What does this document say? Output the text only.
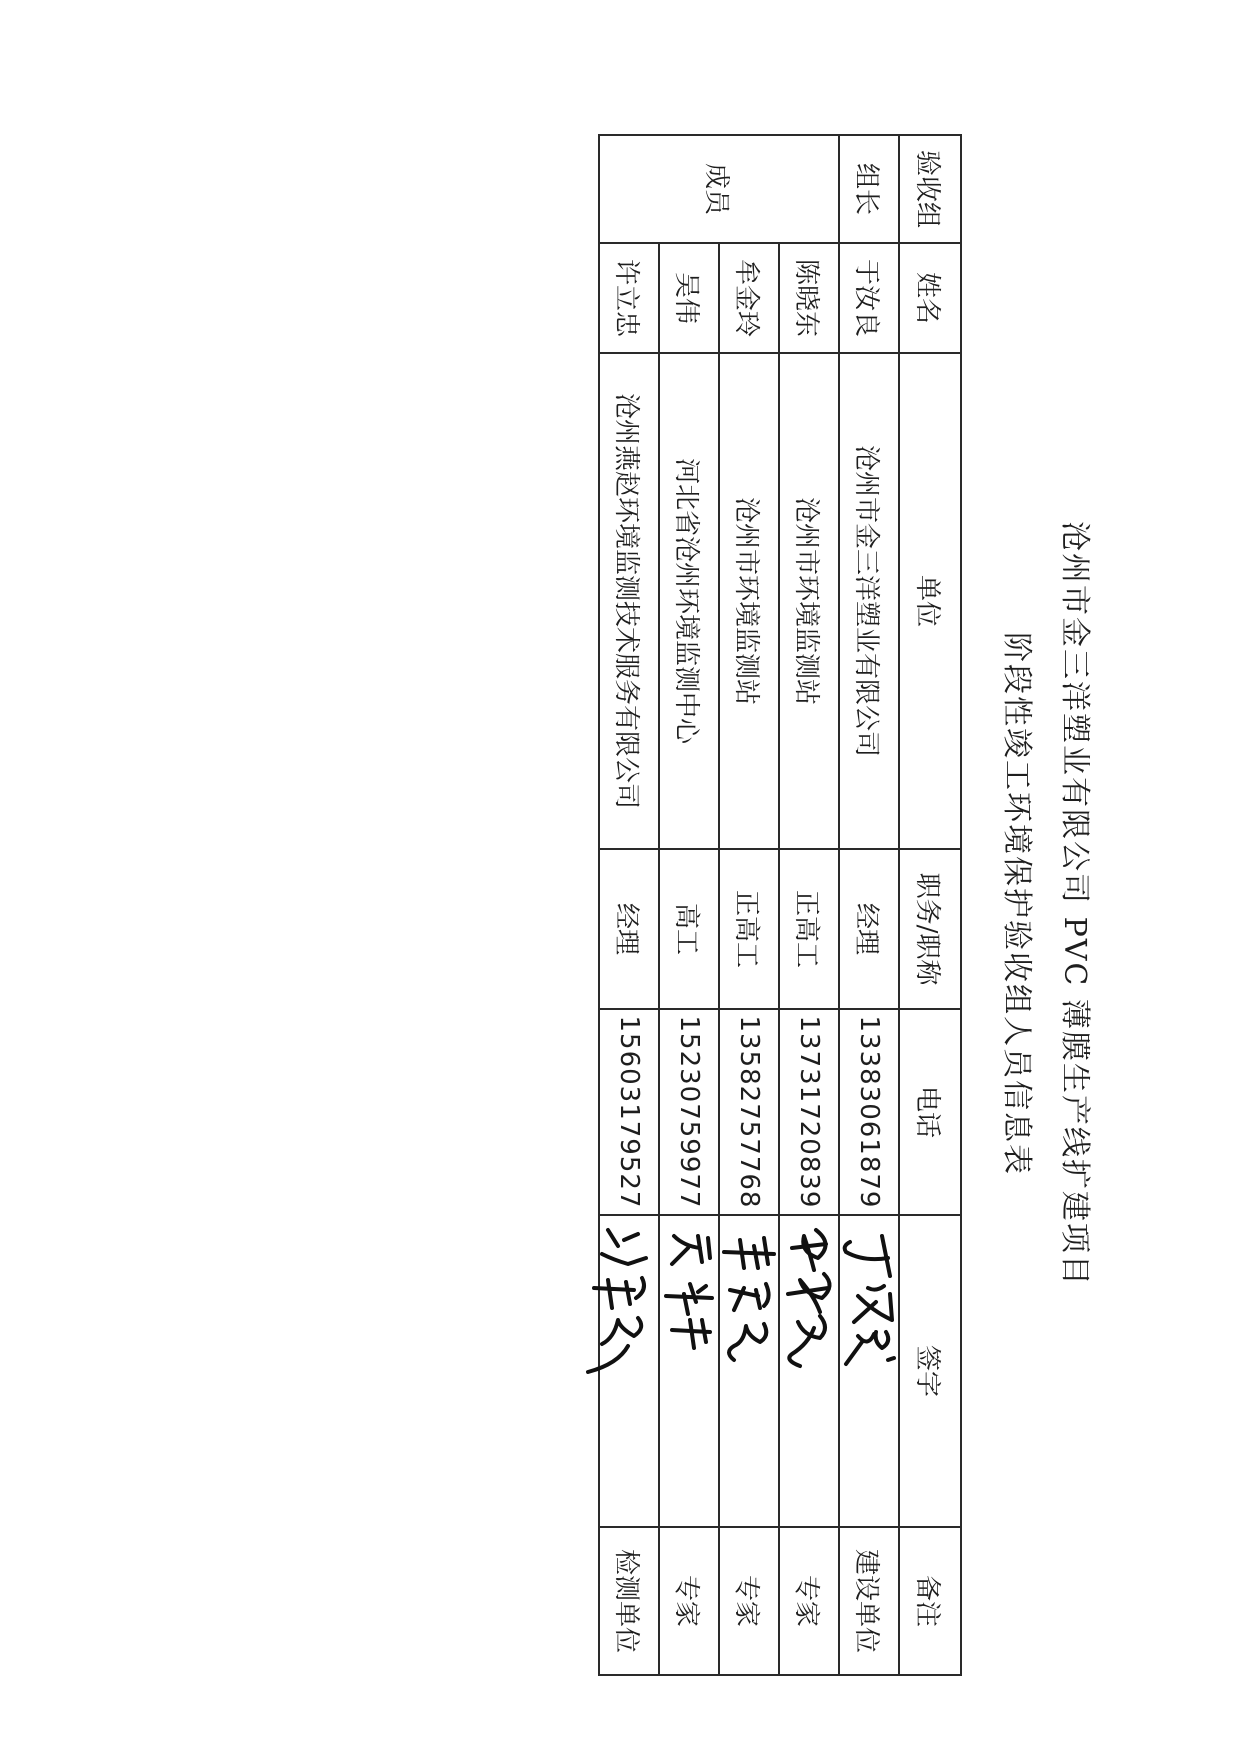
沧州市金三洋塑业有限公司 PVC 薄膜生产线扩建项目
阶段性竣工环境保护验收组人员信息表
验收组	姓名	单位	职务/职称	电话	签字	备注
组长	于汝良	沧州市金三洋塑业有限公司	经理	13383061879		建设单位
成员	陈晓东	沧州市环境监测站	正高工	13731720839		专家
	牟金玲	沧州市环境监测站	正高工	13582757768		专家
	吴伟	河北省沧州环境监测中心	高工	15230759977		专家
	许立忠	沧州燕赵环境监测技术服务有限公司	经理	15603179527		检测单位
